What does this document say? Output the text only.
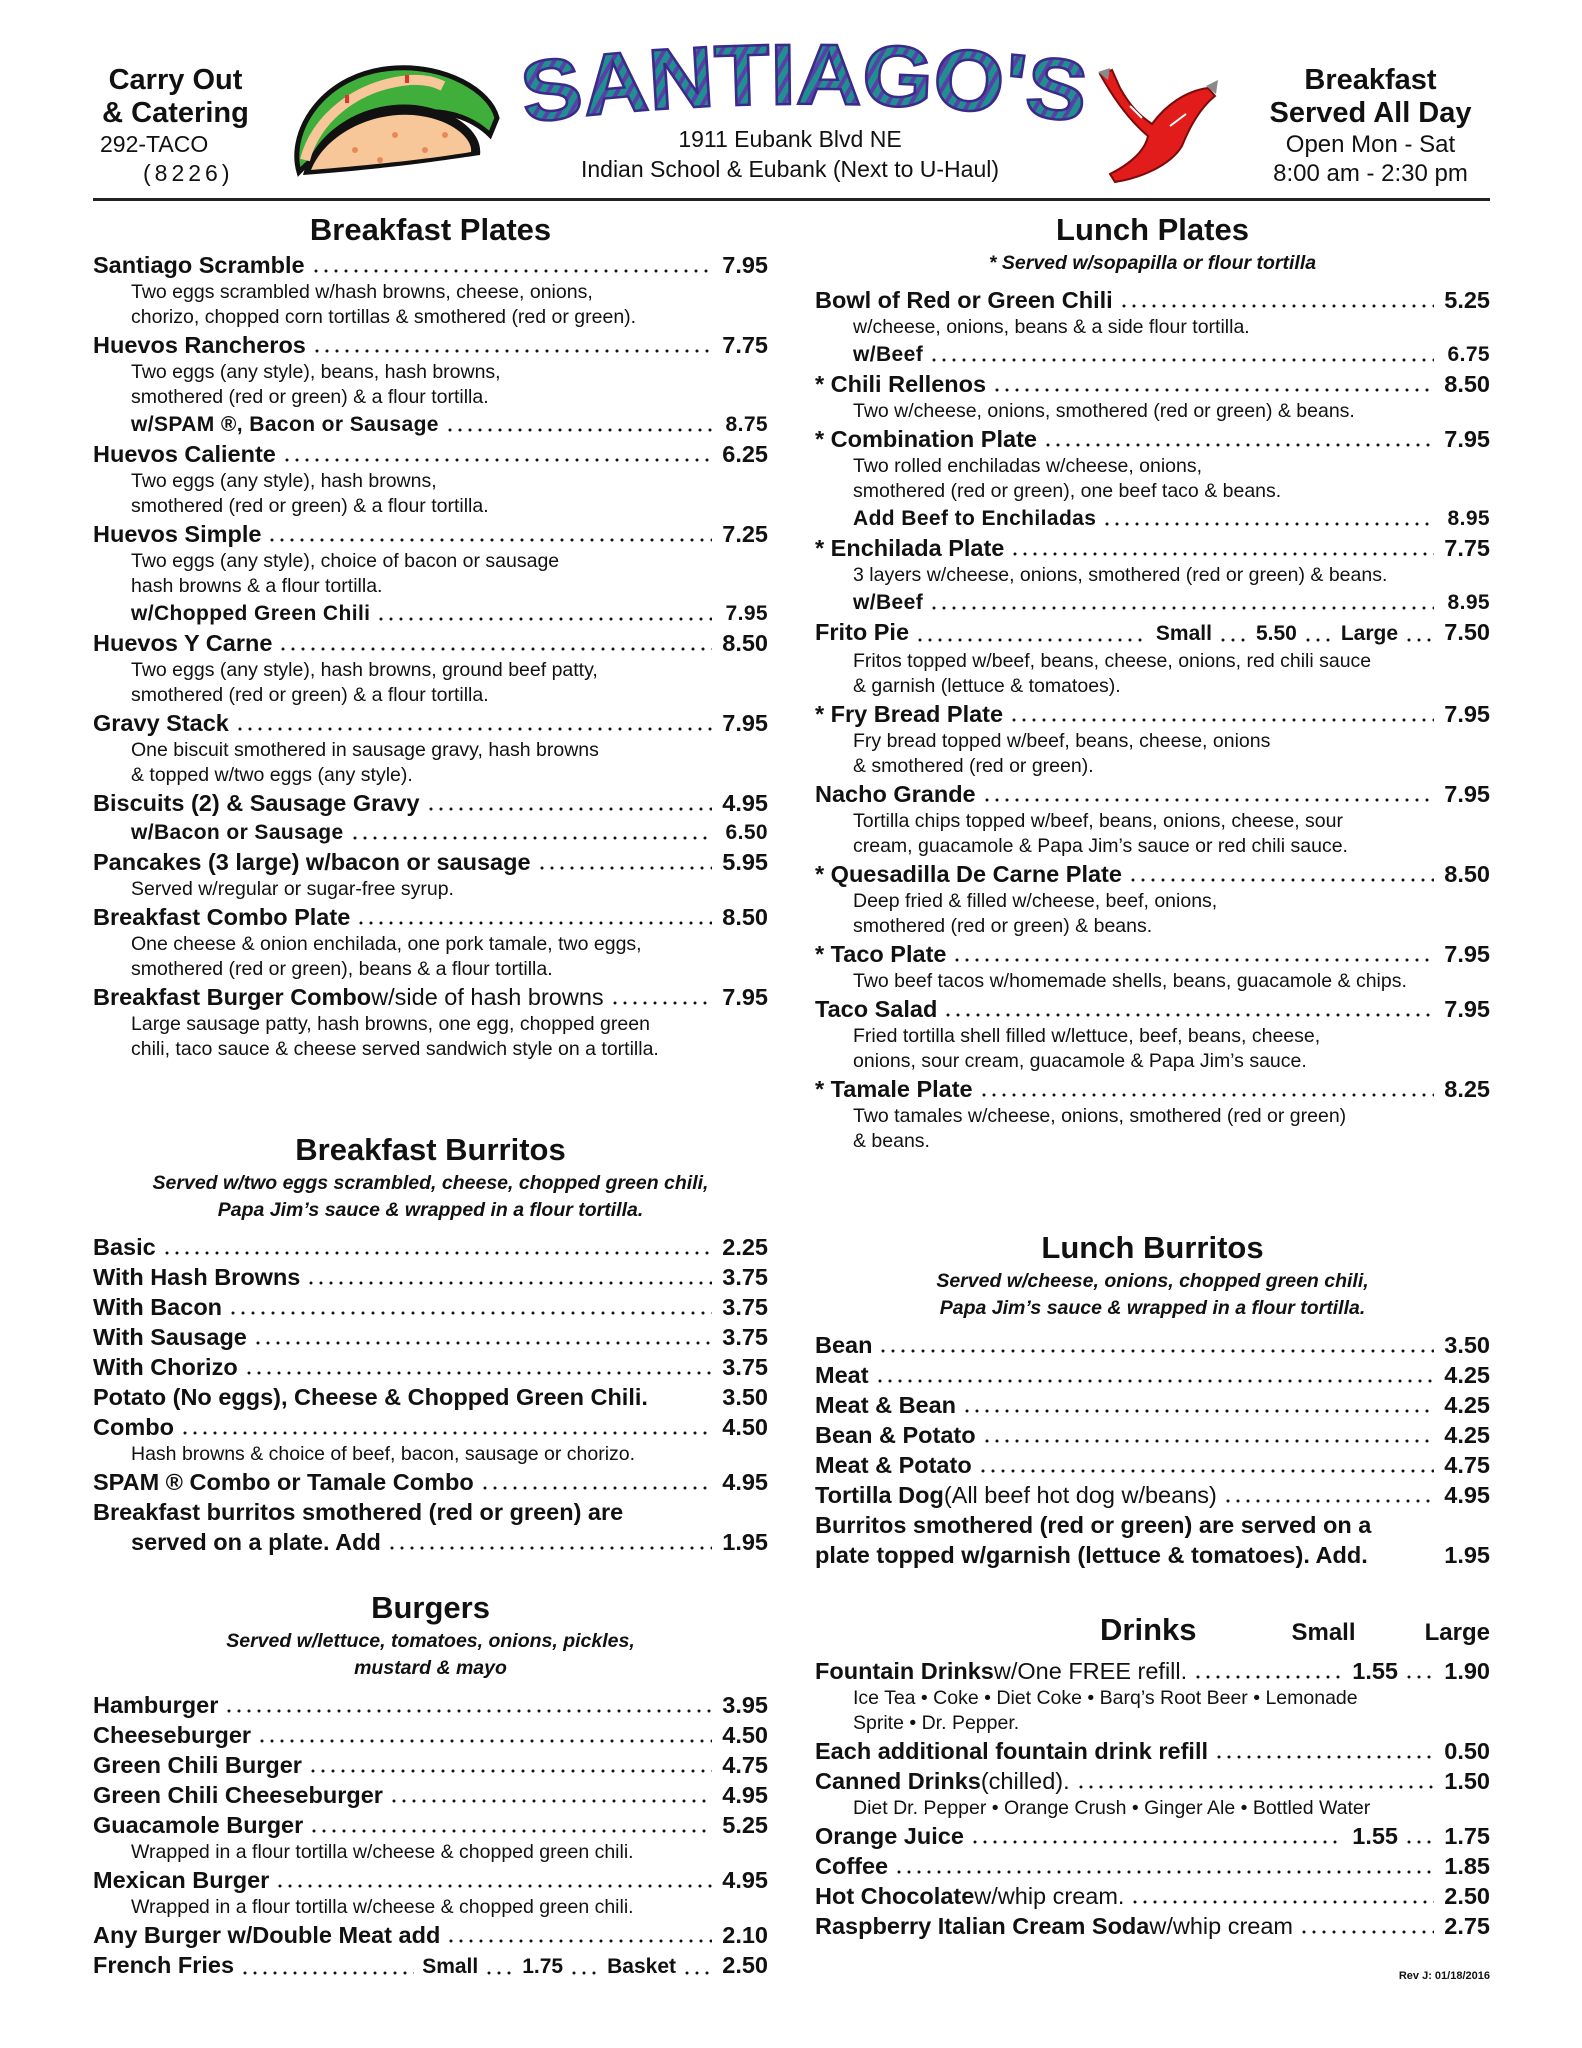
Carry Out
& Catering
292-TACO
(8226)
SANTIAGO'S
1911 Eubank Blvd NE
Indian School & Eubank (Next to U-Haul)
Breakfast
Served All Day
Open Mon - Sat
8:00 am - 2:30 pm
Breakfast Plates
Santiago Scramble	7.95
Two eggs scrambled w/hash browns, cheese, onions,
chorizo, chopped corn tortillas & smothered (red or green).
Huevos Rancheros	7.75
Two eggs (any style), beans, hash browns,
smothered (red or green) & a flour tortilla.
w/SPAM ®, Bacon or Sausage	8.75
Huevos Caliente	6.25
Two eggs (any style), hash browns,
smothered (red or green) & a flour tortilla.
Huevos Simple	7.25
Two eggs (any style), choice of bacon or sausage
hash browns & a flour tortilla.
w/Chopped Green Chili	7.95
Huevos Y Carne	8.50
Two eggs (any style), hash browns, ground beef patty,
smothered (red or green) & a flour tortilla.
Gravy Stack	7.95
One biscuit smothered in sausage gravy, hash browns
& topped w/two eggs (any style).
Biscuits (2) & Sausage Gravy	4.95
w/Bacon or Sausage	6.50
Pancakes (3 large) w/bacon or sausage	5.95
Served w/regular or sugar-free syrup.
Breakfast Combo Plate	8.50
One cheese & onion enchilada, one pork tamale, two eggs,
smothered (red or green), beans & a flour tortilla.
Breakfast Burger Combo w/side of hash browns	7.95
Large sausage patty, hash browns, one egg, chopped green
chili, taco sauce & cheese served sandwich style on a tortilla.
Breakfast Burritos
Served w/two eggs scrambled, cheese, chopped green chili,
Papa Jim’s sauce & wrapped in a flour tortilla.
Basic	2.25
With Hash Browns	3.75
With Bacon	3.75
With Sausage	3.75
With Chorizo	3.75
Potato (No eggs), Cheese & Chopped Green Chili.	3.50
Combo	4.50
Hash browns & choice of beef, bacon, sausage or chorizo.
SPAM ® Combo or Tamale Combo	4.95
Breakfast burritos smothered (red or green) are
served on a plate. Add	1.95
Burgers
Served w/lettuce, tomatoes, onions, pickles,
mustard & mayo
Hamburger	3.95
Cheeseburger	4.50
Green Chili Burger	4.75
Green Chili Cheeseburger	4.95
Guacamole Burger	5.25
Wrapped in a flour tortilla w/cheese & chopped green chili.
Mexican Burger	4.95
Wrapped in a flour tortilla w/cheese & chopped green chili.
Any Burger w/Double Meat add	2.10
French Fries	Small 1.75 Basket 2.50
Lunch Plates
* Served w/sopapilla or flour tortilla
Bowl of Red or Green Chili	5.25
w/cheese, onions, beans & a side flour tortilla.
w/Beef	6.75
* Chili Rellenos	8.50
Two w/cheese, onions, smothered (red or green) & beans.
* Combination Plate	7.95
Two rolled enchiladas w/cheese, onions,
smothered (red or green), one beef taco & beans.
Add Beef to Enchiladas	8.95
* Enchilada Plate	7.75
3 layers w/cheese, onions, smothered (red or green) & beans.
w/Beef	8.95
Frito Pie	Small 5.50 Large 7.50
Fritos topped w/beef, beans, cheese, onions, red chili sauce
& garnish (lettuce & tomatoes).
* Fry Bread Plate	7.95
Fry bread topped w/beef, beans, cheese, onions
& smothered (red or green).
Nacho Grande	7.95
Tortilla chips topped w/beef, beans, onions, cheese, sour
cream, guacamole & Papa Jim’s sauce or red chili sauce.
* Quesadilla De Carne Plate	8.50
Deep fried & filled w/cheese, beef, onions,
smothered (red or green) & beans.
* Taco Plate	7.95
Two beef tacos w/homemade shells, beans, guacamole & chips.
Taco Salad	7.95
Fried tortilla shell filled w/lettuce, beef, beans, cheese,
onions, sour cream, guacamole & Papa Jim’s sauce.
* Tamale Plate	8.25
Two tamales w/cheese, onions, smothered (red or green)
& beans.
Lunch Burritos
Served w/cheese, onions, chopped green chili,
Papa Jim’s sauce & wrapped in a flour tortilla.
Bean	3.50
Meat	4.25
Meat & Bean	4.25
Bean & Potato	4.25
Meat & Potato	4.75
Tortilla Dog (All beef hot dog w/beans)	4.95
Burritos smothered (red or green) are served on a
plate topped w/garnish (lettuce & tomatoes). Add.	1.95
Drinks	Small	Large
Fountain Drinks w/One FREE refill.	1.55 1.90
Ice Tea • Coke • Diet Coke • Barq’s Root Beer • Lemonade
Sprite • Dr. Pepper.
Each additional fountain drink refill	0.50
Canned Drinks (chilled).	1.50
Diet Dr. Pepper • Orange Crush • Ginger Ale • Bottled Water
Orange Juice	1.55 1.75
Coffee	1.85
Hot Chocolate w/whip cream.	2.50
Raspberry Italian Cream Soda w/whip cream	2.75
Rev J: 01/18/2016
